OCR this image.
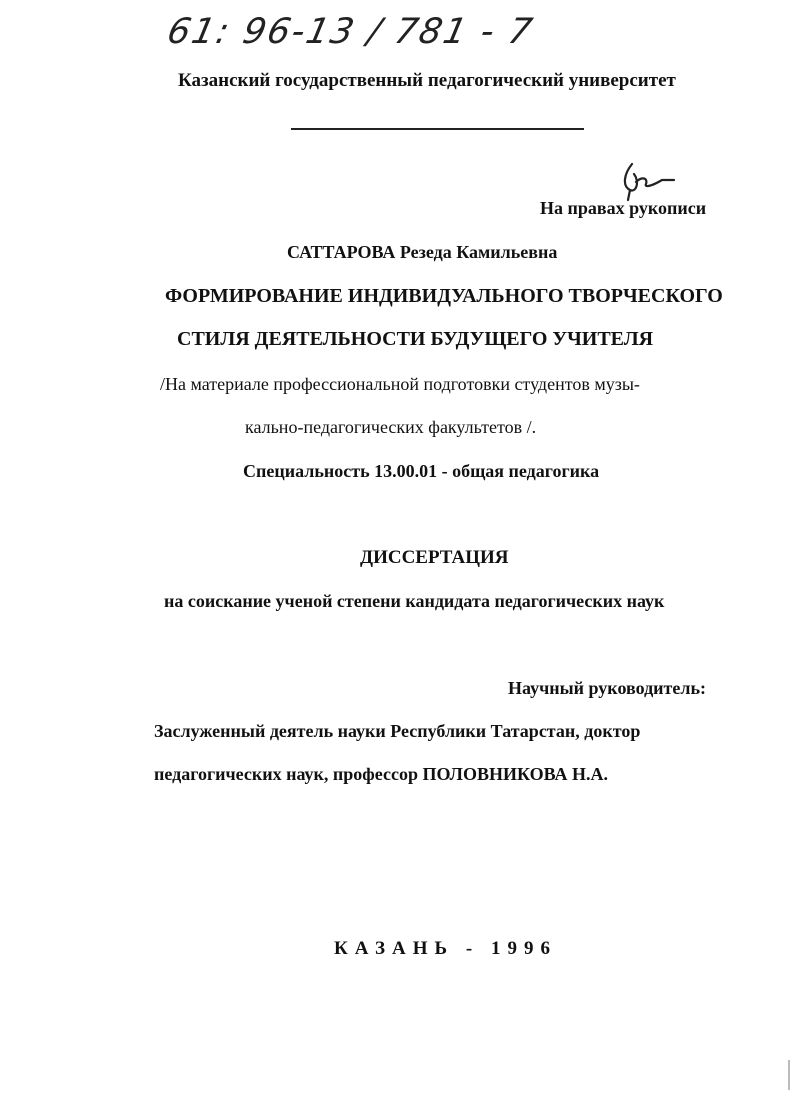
61: 96-13 / 781 - 7
Казанский государственный педагогический университет
На правах рукописи
САТТАРОВА Резеда Камильевна
ФОРМИРОВАНИЕ ИНДИВИДУАЛЬНОГО ТВОРЧЕСКОГО
СТИЛЯ ДЕЯТЕЛЬНОСТИ БУДУЩЕГО УЧИТЕЛЯ
/На материале профессиональной подготовки студентов музы-
кально-педагогических факультетов /.
Специальность 13.00.01 - общая педагогика
ДИССЕРТАЦИЯ
на соискание ученой степени кандидата педагогических наук
Научный руководитель:
Заслуженный деятель науки Республики Татарстан, доктор
педагогических наук, профессор ПОЛОВНИКОВА Н.А.
КАЗАНЬ - 1996
